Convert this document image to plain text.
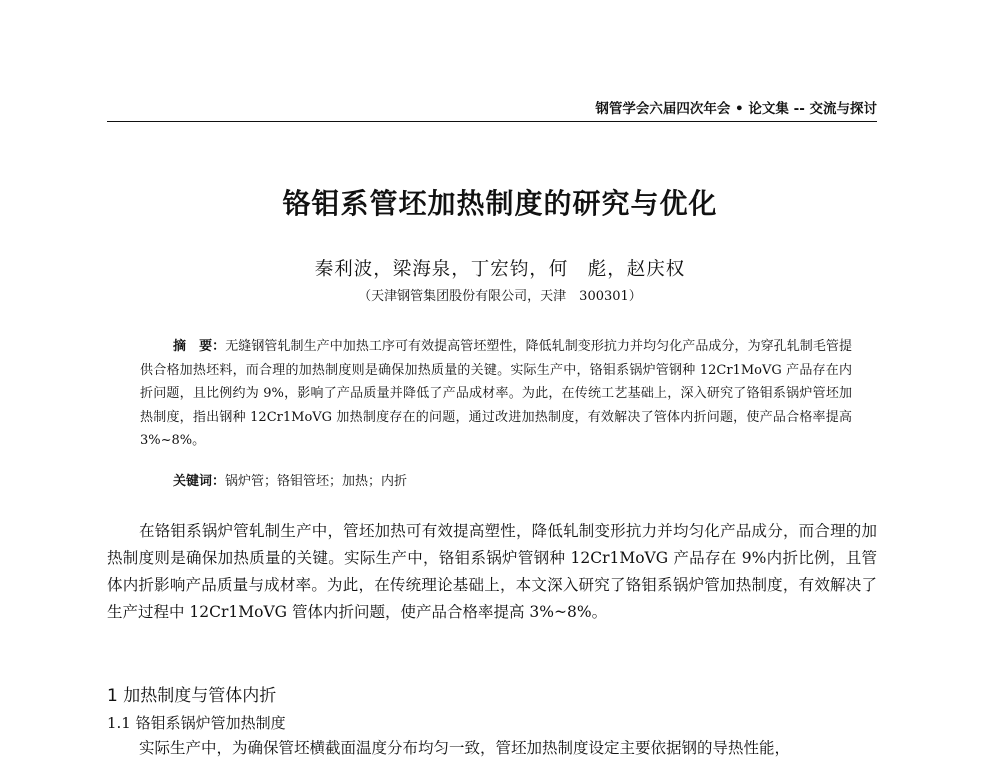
钢管学会六届四次年会 • 论文集 -- 交流与探讨
铬钼系管坯加热制度的研究与优化
秦利波，梁海泉，丁宏钧，何　彪，赵庆权
（天津钢管集团股份有限公司，天津　300301）
摘　要：无缝钢管轧制生产中加热工序可有效提高管坯塑性，降低轧制变形抗力并均匀化产品成分，为穿孔轧制毛管提供合格加热坯料，而合理的加热制度则是确保加热质量的关键。实际生产中，铬钼系锅炉管钢种 12Cr1MoVG 产品存在内折问题，且比例约为 9%，影响了产品质量并降低了产品成材率。为此，在传统工艺基础上，深入研究了铬钼系锅炉管坯加热制度，指出钢种 12Cr1MoVG 加热制度存在的问题，通过改进加热制度，有效解决了管体内折问题，使产品合格率提高 3%~8%。
关键词：锅炉管；铬钼管坯；加热；内折
在铬钼系锅炉管轧制生产中，管坯加热可有效提高塑性，降低轧制变形抗力并均匀化产品成分，而合理的加热制度则是确保加热质量的关键。实际生产中，铬钼系锅炉管钢种 12Cr1MoVG 产品存在 9%内折比例，且管体内折影响产品质量与成材率。为此，在传统理论基础上，本文深入研究了铬钼系锅炉管加热制度，有效解决了生产过程中 12Cr1MoVG 管体内折问题，使产品合格率提高 3%~8%。
1 加热制度与管体内折
1.1 铬钼系锅炉管加热制度
实际生产中，为确保管坯横截面温度分布均匀一致，管坯加热制度设定主要依据钢的导热性能，
